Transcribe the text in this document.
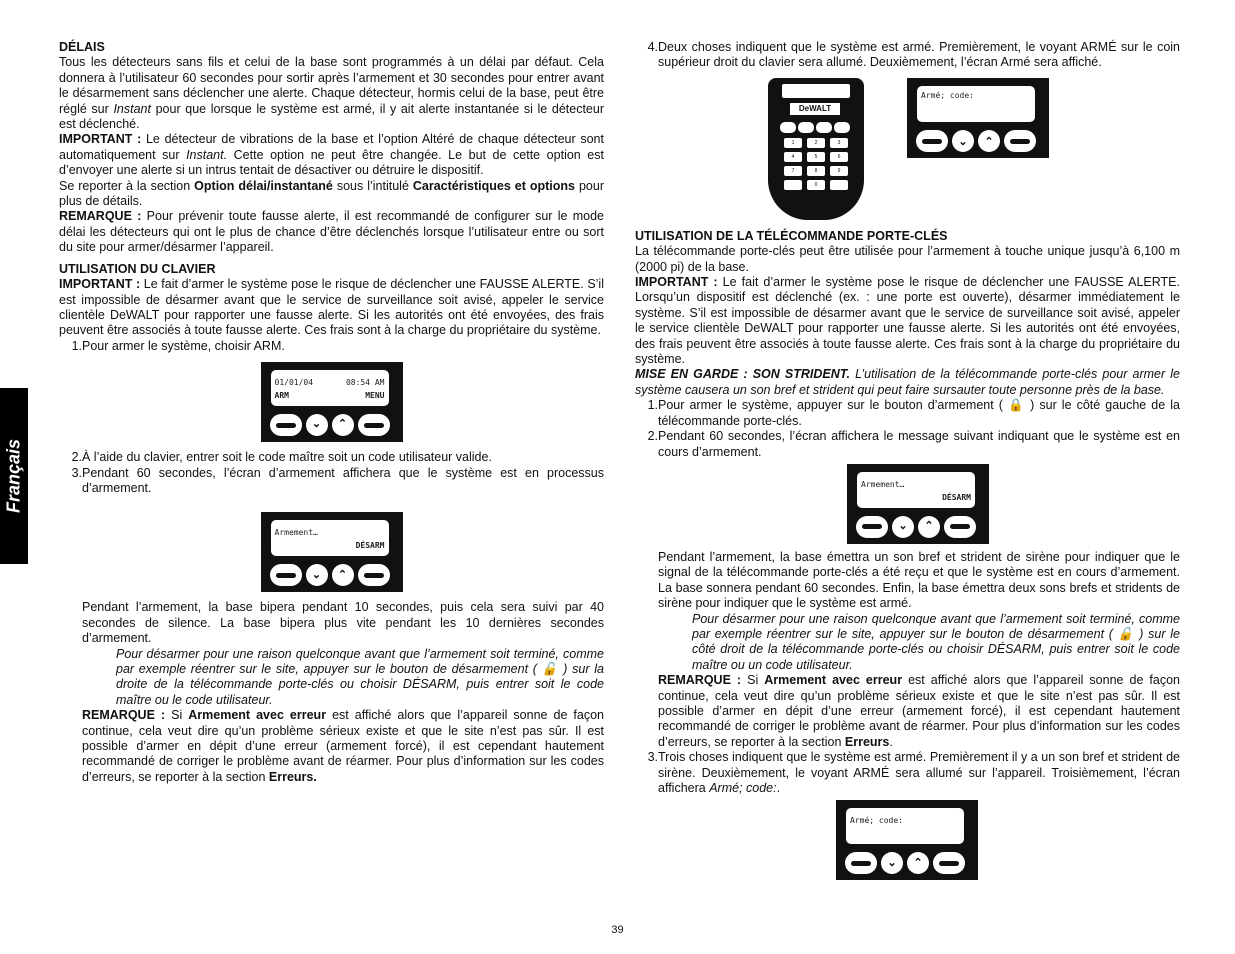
Français

DÉLAIS

Tous les détecteurs sans fils et celui de la base sont programmés à un délai par défaut. Cela donnera à l’utilisateur 60 secondes pour sortir après l’armement et 30 secondes pour entrer avant le désarmement sans déclencher une alerte. Chaque détecteur, hormis celui de la base, peut être réglé sur Instant pour que lorsque le système est armé, il y ait alerte instantanée si le détecteur est déclenché.

IMPORTANT : Le détecteur de vibrations de la base et l’option Altéré de chaque détecteur sont automatiquement sur Instant. Cette option ne peut être changée. Le but de cette option est d’envoyer une alerte si un intrus tentait de désactiver ou détruire le dispositif.

Se reporter à la section Option délai/instantané sous l’intitulé Caractéristiques et options pour plus de détails.

REMARQUE : Pour prévenir toute fausse alerte, il est recommandé de configurer sur le mode délai les détecteurs qui ont le plus de chance d’être déclenchés lorsque l’utilisateur entre ou sort du site pour armer/désarmer l’appareil.

UTILISATION DU CLAVIER

IMPORTANT : Le fait d’armer le système pose le risque de déclencher une FAUSSE ALERTE. S’il est impossible de désarmer avant que le service de surveillance soit avisé, appeler le service clientèle DeWALT pour rapporter une fausse alerte. Si les autorités ont été envoyées, des frais peuvent être associés à toute fausse alerte. Ces frais sont à la charge du propriétaire du système.

1. Pour armer le système, choisir ARM.
01/01/04	08:54 AM
ARM	MENU
⌄	⌃
2. À l’aide du clavier, entrer soit le code maître soit un code utilisateur valide.
3. Pendant 60 secondes, l’écran d’armement affichera que le système est en processus d’armement.
Armement…
DÉSARM
⌄	⌃

Pendant l’armement, la base bipera pendant 10 secondes, puis cela sera suivi par 40 secondes de silence. La base bipera plus vite pendant les 10 dernières secondes d’armement.

Pour désarmer pour une raison quelconque avant que l’armement soit terminé, comme par exemple réentrer sur le site, appuyer sur le bouton de désarmement ( 🔓 ) sur la droite de la télécommande porte-clés ou choisir DÉSARM, puis entrer soit le code maître ou le code utilisateur.

REMARQUE : Si Armement avec erreur est affiché alors que l’appareil sonne de façon continue, cela veut dire qu’un problème sérieux existe et que le site n’est pas sûr. Il est possible d’armer en dépit d’une erreur (armement forcé), il est cependant hautement recommandé de corriger le problème avant de réarmer. Pour plus d’information sur les codes d’erreurs, se reporter à la section Erreurs.

4. Deux choses indiquent que le système est armé. Premièrement, le voyant ARMÉ sur le coin supérieur droit du clavier sera allumé. Deuxièmement, l’écran Armé sera affiché.

UTILISATION DE LA TÉLÉCOMMANDE PORTE-CLÉS

La télécommande porte-clés peut être utilisée pour l’armement à touche unique jusqu’à 6,100 m (2000 pi) de la base.

IMPORTANT : Le fait d’armer le système pose le risque de déclencher une FAUSSE ALERTE. Lorsqu’un dispositif est déclenché (ex. : une porte est ouverte), désarmer immédiatement le système. S’il est impossible de désarmer avant que le service de surveillance soit avisé, appeler le service clientèle DeWALT pour rapporter une fausse alerte. Si les autorités ont été envoyées, des frais peuvent être associés à toute fausse alerte. Ces frais sont à la charge du propriétaire du système.

MISE EN GARDE : SON STRIDENT. L’utilisation de la télécommande porte-clés pour armer le système causera un son bref et strident qui peut faire sursauter toute personne près de la base.

1. Pour armer le système, appuyer sur le bouton d’armement ( 🔒 ) sur le côté gauche de la télécommande porte-clés.
2. Pendant 60 secondes, l’écran affichera le message suivant indiquant que le système est en cours d’armement.
Armement…
DÉSARM
⌄	⌃

Pendant l’armement, la base émettra un son bref et strident de sirène pour indiquer que le signal de la télécommande porte-clés a été reçu et que le système est en cours d’armement. La base sonnera pendant 60 secondes. Enfin, la base émettra deux sons brefs et stridents de sirène pour indiquer que le système est armé.

Pour désarmer pour une raison quelconque avant que l’armement soit terminé, comme par exemple réentrer sur le site, appuyer sur le bouton de désarmement ( 🔓 ) sur le côté droit de la télécommande porte-clés ou choisir DÉSARM, puis entrer soit le code maître ou un code utilisateur.

REMARQUE : Si Armement avec erreur est affiché alors que l’appareil sonne de façon continue, cela veut dire qu’un problème sérieux existe et que le site n’est pas sûr. Il est possible d’armer en dépit d’une erreur (armement forcé), il est cependant hautement recommandé de corriger le problème avant de réarmer. Pour plus d’information sur les codes d’erreurs, se reporter à la section Erreurs.

3. Trois choses indiquent que le système est armé. Premièrement il y a un son bref et strident de sirène. Deuxièmement, le voyant ARMÉ sera allumé sur l’appareil. Troisièmement, l’écran affichera Armé; code:.
Armé; code:
⌄	⌃
DeWALT
1	2	3
4	5	6
7	8	9
0
Armé; code:
⌄	⌃
39
